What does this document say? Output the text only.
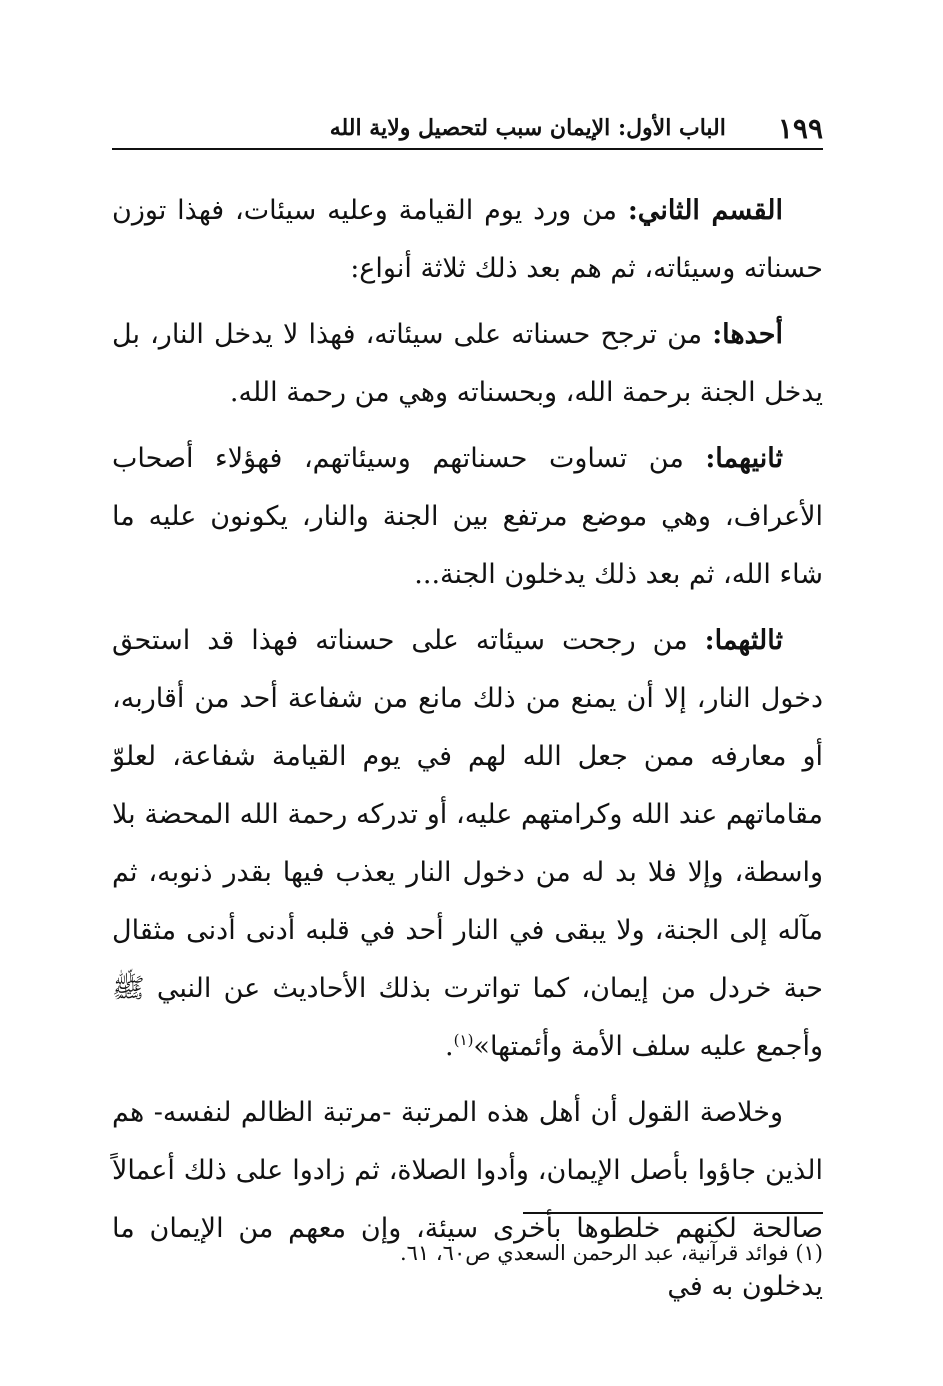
١٩٩
الباب الأول: الإيمان سبب لتحصيل ولاية الله

القسم الثاني: من ورد يوم القيامة وعليه سيئات، فهذا توزن حسناته وسيئاته، ثم هم بعد ذلك ثلاثة أنواع:

أحدها: من ترجح حسناته على سيئاته، فهذا لا يدخل النار، بل يدخل الجنة برحمة الله، وبحسناته وهي من رحمة الله.

ثانيهما: من تساوت حسناتهم وسيئاتهم، فهؤلاء أصحاب الأعراف، وهي موضع مرتفع بين الجنة والنار، يكونون عليه ما شاء الله، ثم بعد ذلك يدخلون الجنة...

ثالثهما: من رجحت سيئاته على حسناته فهذا قد استحق دخول النار، إلا أن يمنع من ذلك مانع من شفاعة أحد من أقاربه، أو معارفه ممن جعل الله لهم في يوم القيامة شفاعة، لعلوّ مقاماتهم عند الله وكرامتهم عليه، أو تدركه رحمة الله المحضة بلا واسطة، وإلا فلا بد له من دخول النار يعذب فيها بقدر ذنوبه، ثم مآله إلى الجنة، ولا يبقى في النار أحد في قلبه أدنى أدنى مثقال حبة خردل من إيمان، كما تواترت بذلك الأحاديث عن النبي ﷺ وأجمع عليه سلف الأمة وأئمتها»$^{(١)}$.

وخلاصة القول أن أهل هذه المرتبة -مرتبة الظالم لنفسه- هم الذين جاؤوا بأصل الإيمان، وأدوا الصلاة، ثم زادوا على ذلك أعمالاً صالحة لكنهم خلطوها بأخرى سيئة، وإن معهم من الإيمان ما يدخلون به في

(١) فوائد قرآنية، عبد الرحمن السعدي ص٦٠، ٦١.
